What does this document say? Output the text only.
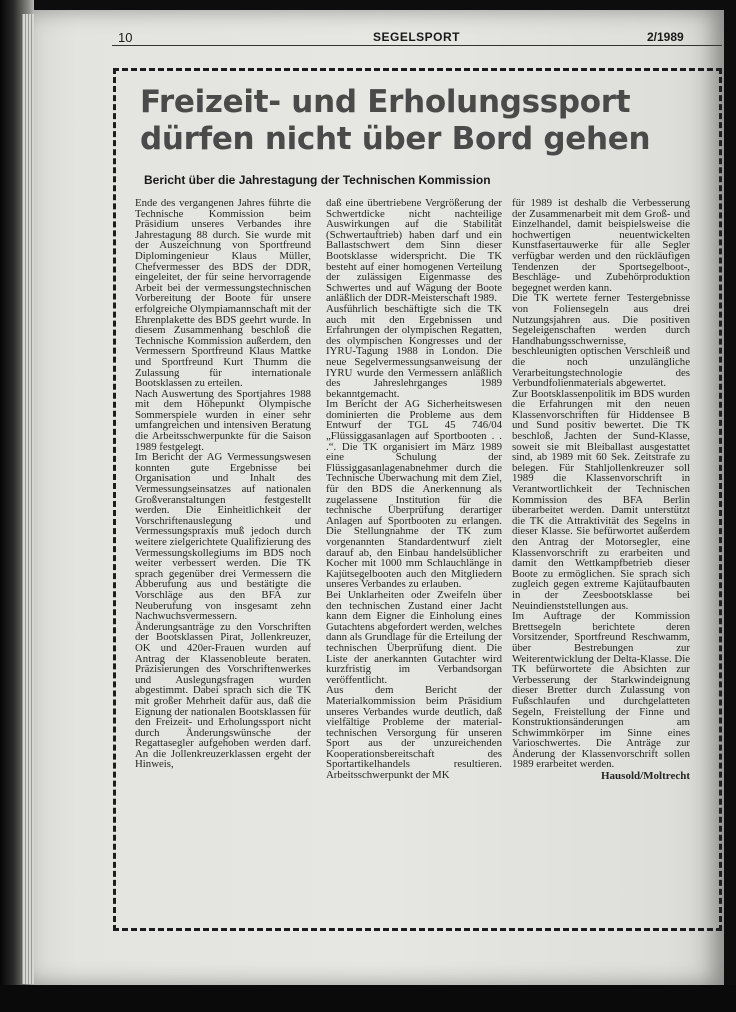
10	SEGELSPORT	2/1989
Freizeit- und Erholungssport
dürfen nicht über Bord gehen
Bericht über die Jahrestagung der Technischen Kommission

Ende des vergangenen Jahres führte die Technische Kommission beim Präsidium unseres Verbandes ihre Jahrestagung 88 durch. Sie wurde mit der Auszeichnung von Sportfreund Diplomingenieur Klaus Müller, Chefvermesser des BDS der DDR, eingeleitet, der für seine hervorragende Arbeit bei der vermessungstechnischen Vorbereitung der Boote für unsere erfolgreiche Olympiamannschaft mit der Ehrenplakette des BDS geehrt wurde. In diesem Zusammenhang beschloß die Technische Kommission außerdem, den Vermessern Sportfreund Klaus Mattke und Sportfreund Kurt Thumm die Zulassung für internationale Bootsklassen zu erteilen.

Nach Auswertung des Sportjahres 1988 mit dem Höhepunkt Olympische Sommerspiele wurden in einer sehr umfangreichen und intensiven Beratung die Arbeitsschwerpunkte für die Saison 1989 festgelegt.

Im Bericht der AG Vermessungswesen konnten gute Ergebnisse bei Organisation und Inhalt des Vermessungseinsatzes auf nationalen Großveranstaltungen festgestellt werden. Die Einheitlichkeit der Vorschriftenauslegung und Vermessungspraxis muß jedoch durch weitere zielgerichtete Qualifizierung des Vermessungskollegiums im BDS noch weiter verbessert werden. Die TK sprach gegenüber drei Vermessern die Abberufung aus und bestätigte die Vorschläge aus den BFA zur Neuberufung von insgesamt zehn Nachwuchsvermessern.

Änderungsanträge zu den Vorschriften der Bootsklassen Pirat, Jollenkreuzer, OK und 420er-Frauen wurden auf Antrag der Klassenobleute beraten. Präzisierungen des Vorschriftenwerkes und Auslegungsfragen wurden abgestimmt. Dabei sprach sich die TK mit großer Mehrheit dafür aus, daß die Eignung der nationalen Bootsklassen für den Freizeit- und Erholungssport nicht durch Änderungswünsche der Regattasegler aufgehoben werden darf. An die Jollenkreuzerklassen ergeht der Hinweis,

daß eine übertriebene Vergrößerung der Schwertdicke nicht nachteilige Auswirkungen auf die Stabilität (Schwertauftrieb) haben darf und ein Ballastschwert dem Sinn dieser Bootsklasse widerspricht. Die TK besteht auf einer homogenen Verteilung der zulässigen Eigenmasse des Schwertes und auf Wägung der Boote anläßlich der DDR-Meisterschaft 1989.

Ausführlich beschäftigte sich die TK auch mit den Ergebnissen und Erfahrungen der olympischen Regatten, des olympischen Kongresses und der IYRU-Tagung 1988 in London. Die neue Segelvermessungsanweisung der IYRU wurde den Vermessern anläßlich des Jahreslehrganges 1989 bekanntgemacht.

Im Bericht der AG Sicherheitswesen dominierten die Probleme aus dem Entwurf der TGL 45 746/04 „Flüssiggasanlagen auf Sportbooten . . .“. Die TK organisiert im März 1989 eine Schulung der Flüssiggasanlagenabnehmer durch die Technische Überwachung mit dem Ziel, für den BDS die Anerkennung als zugelassene Institution für die technische Überprüfung derartiger Anlagen auf Sportbooten zu erlangen. Die Stellungnahme der TK zum vorgenannten Standardentwurf zielt darauf ab, den Einbau handelsüblicher Kocher mit 1000 mm Schlauchlänge in Kajütsegelbooten auch den Mitgliedern unseres Verbandes zu erlauben.

Bei Unklarheiten oder Zweifeln über den technischen Zustand einer Jacht kann dem Eigner die Einholung eines Gutachtens abgefordert werden, welches dann als Grundlage für die Erteilung der technischen Überprüfung dient. Die Liste der anerkannten Gutachter wird kurzfristig im Verbandsorgan veröffentlicht.

Aus dem Bericht der Materialkommission beim Präsidium unseres Verbandes wurde deutlich, daß vielfältige Probleme der material-technischen Versorgung für unseren Sport aus der unzureichenden Kooperationsbereitschaft des Sportartikelhandels resultieren. Arbeitsschwerpunkt der MK

für 1989 ist deshalb die Verbesserung der Zusammenarbeit mit dem Groß- und Einzelhandel, damit beispielsweise die hochwertigen neuentwickelten Kunstfasertauwerke für alle Segler verfügbar werden und den rückläufigen Tendenzen der Sportsegelboot-, Beschläge- und Zubehörproduktion begegnet werden kann.

Die TK wertete ferner Testergebnisse von Foliensegeln aus drei Nutzungsjahren aus. Die positiven Segeleigenschaften werden durch Handhabungsschwernisse, beschleunigten optischen Verschleiß und die noch unzulängliche Verarbeitungstechnologie des Verbundfolienmaterials abgewertet.

Zur Bootsklassenpolitik im BDS wurden die Erfahrungen mit den neuen Klassenvorschriften für Hiddensee B und Sund positiv bewertet. Die TK beschloß, Jachten der Sund-Klasse, soweit sie mit Bleiballast ausgestattet sind, ab 1989 mit 60 Sek. Zeitstrafe zu belegen. Für Stahljollenkreuzer soll 1989 die Klassenvorschrift in Verantwortlichkeit der Technischen Kommission des BFA Berlin überarbeitet werden. Damit unterstützt die TK die Attraktivität des Segelns in dieser Klasse. Sie befürwortet außerdem den Antrag der Motorsegler, eine Klassenvorschrift zu erarbeiten und damit den Wettkampfbetrieb dieser Boote zu ermöglichen. Sie sprach sich zugleich gegen extreme Kajütaufbauten in der Zeesbootsklasse bei Neuindienststellungen aus.

Im Auftrage der Kommission Brettsegeln berichtete deren Vorsitzender, Sportfreund Reschwamm, über Bestrebungen zur Weiterentwicklung der Delta-Klasse. Die TK befürwortete die Absichten zur Verbesserung der Starkwindeignung dieser Bretter durch Zulassung von Fußschlaufen und durchgelatteten Segeln, Freistellung der Finne und Konstruktionsänderungen am Schwimmkörper im Sinne eines Varioschwertes. Die Anträge zur Änderung der Klassenvorschrift sollen 1989 erarbeitet werden.

Hausold/Moltrecht
